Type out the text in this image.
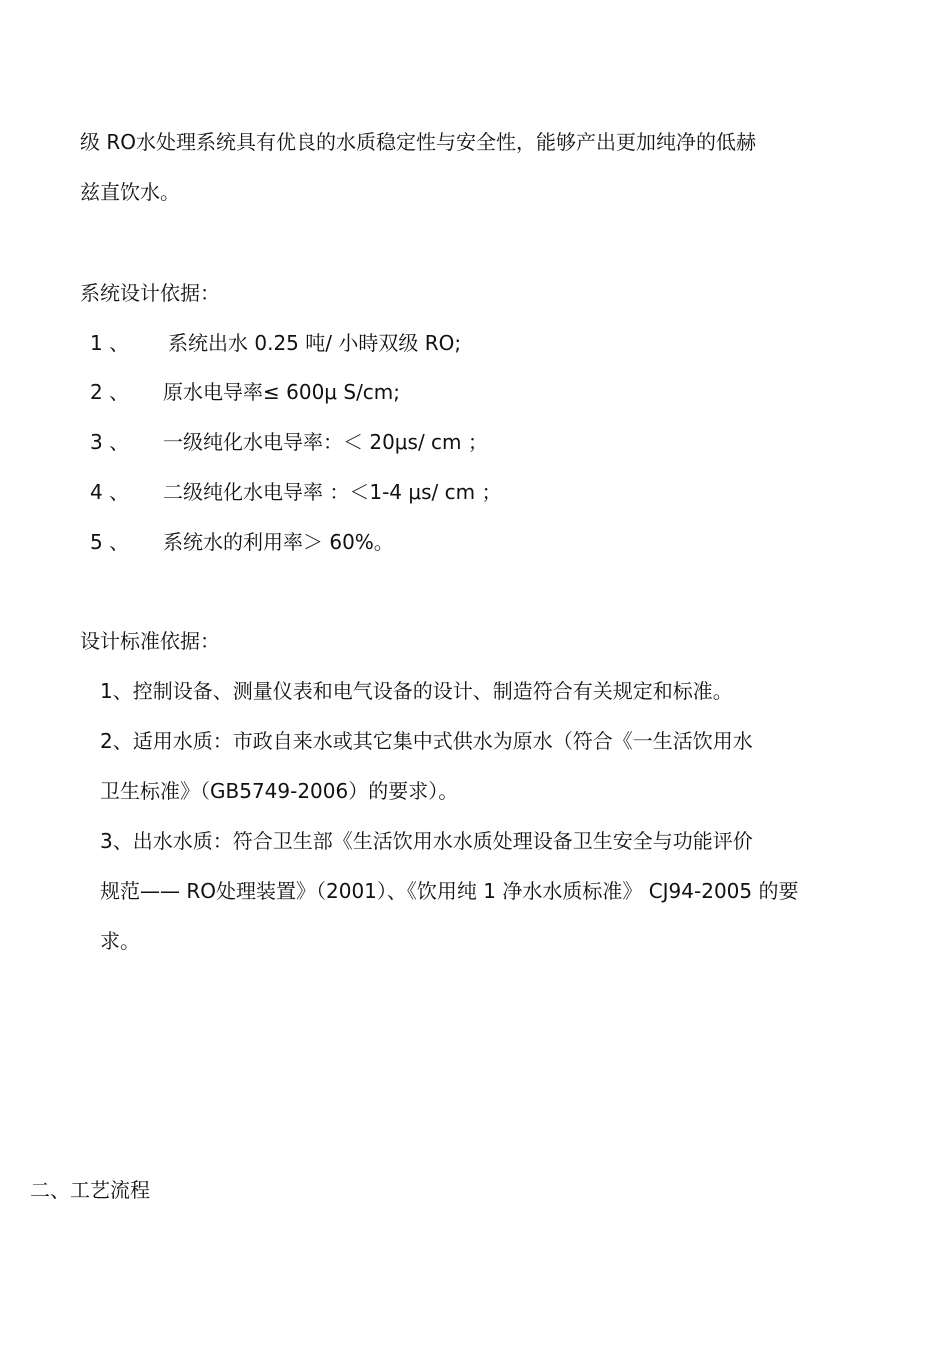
级 RO水处理系统具有优良的水质稳定性与安全性，能够产出更加纯净的低赫
兹直饮水。
系统设计依据：
1 、 系统出水 0.25 吨/ 小時双级 RO;
2 、 原水电导率≤ 600μ S/cm;
3 、 一级纯化水电导率：＜ 20μs/ cm ；
4 、 二级纯化水电导率 ：＜1-4 μs/ cm ；
5 、 系统水的利用率＞ 60%。
设计标准依据：
1、控制设备、测量仪表和电气设备的设计、制造符合有关规定和标准。
2、适用水质：市政自来水或其它集中式供水为原水（符合《一生活饮用水
卫生标准》（GB5749-2006）的要求）。
3、出水水质：符合卫生部《生活饮用水水质处理设备卫生安全与功能评价
规范—— RO处理装置》（2001）、《饮用纯 1 净水水质标准》 CJ94-2005 的要
求。
二、工艺流程
